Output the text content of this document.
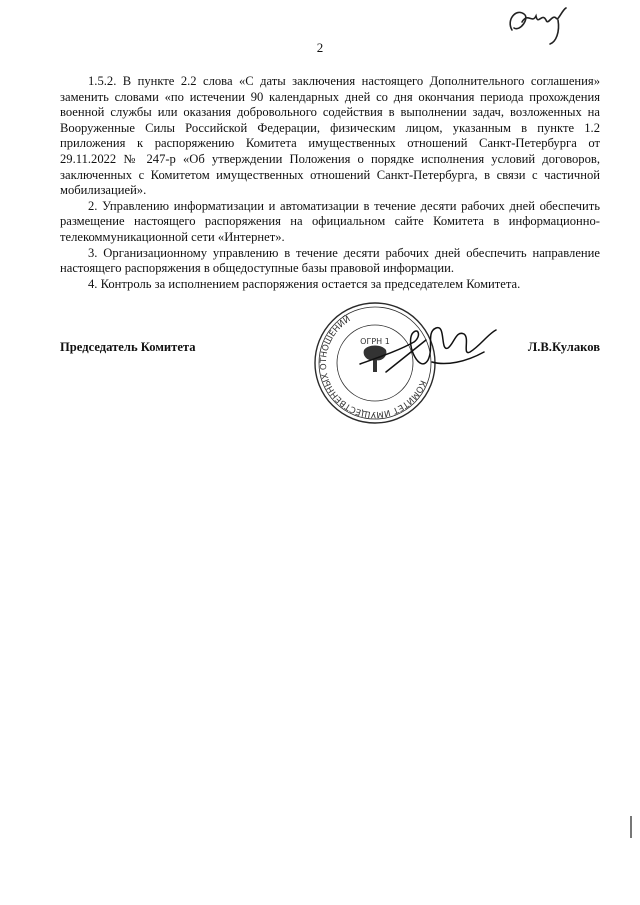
2

1.5.2. В пункте 2.2 слова «С даты заключения настоящего Дополнительного соглашения» заменить словами «по истечении 90 календарных дней со дня окончания периода прохождения военной службы или оказания добровольного содействия в выполнении задач, возложенных на Вооруженные Силы Российской Федерации, физическим лицом, указанным в пункте 1.2 приложения к распоряжению Комитета имущественных отношений Санкт-Петербурга от 29.11.2022 № 247-р «Об утверждении Положения о порядке исполнения условий договоров, заключенных с Комитетом имущественных отношений Санкт-Петербурга, в связи с частичной мобилизацией».

2. Управлению информатизации и автоматизации в течение десяти рабочих дней обеспечить размещение настоящего распоряжения на официальном сайте Комитета в информационно-телекоммуникационной сети «Интернет».

3. Организационному управлению в течение десяти рабочих дней обеспечить направление настоящего распоряжения в общедоступные базы правовой информации.

4. Контроль за исполнением распоряжения остается за председателем Комитета.

КОМИТЕТ ИМУЩЕСТВЕННЫХ ОТНОШЕНИЙ
ОГРН 1
Председатель Комитета	Л.В.Кулаков
